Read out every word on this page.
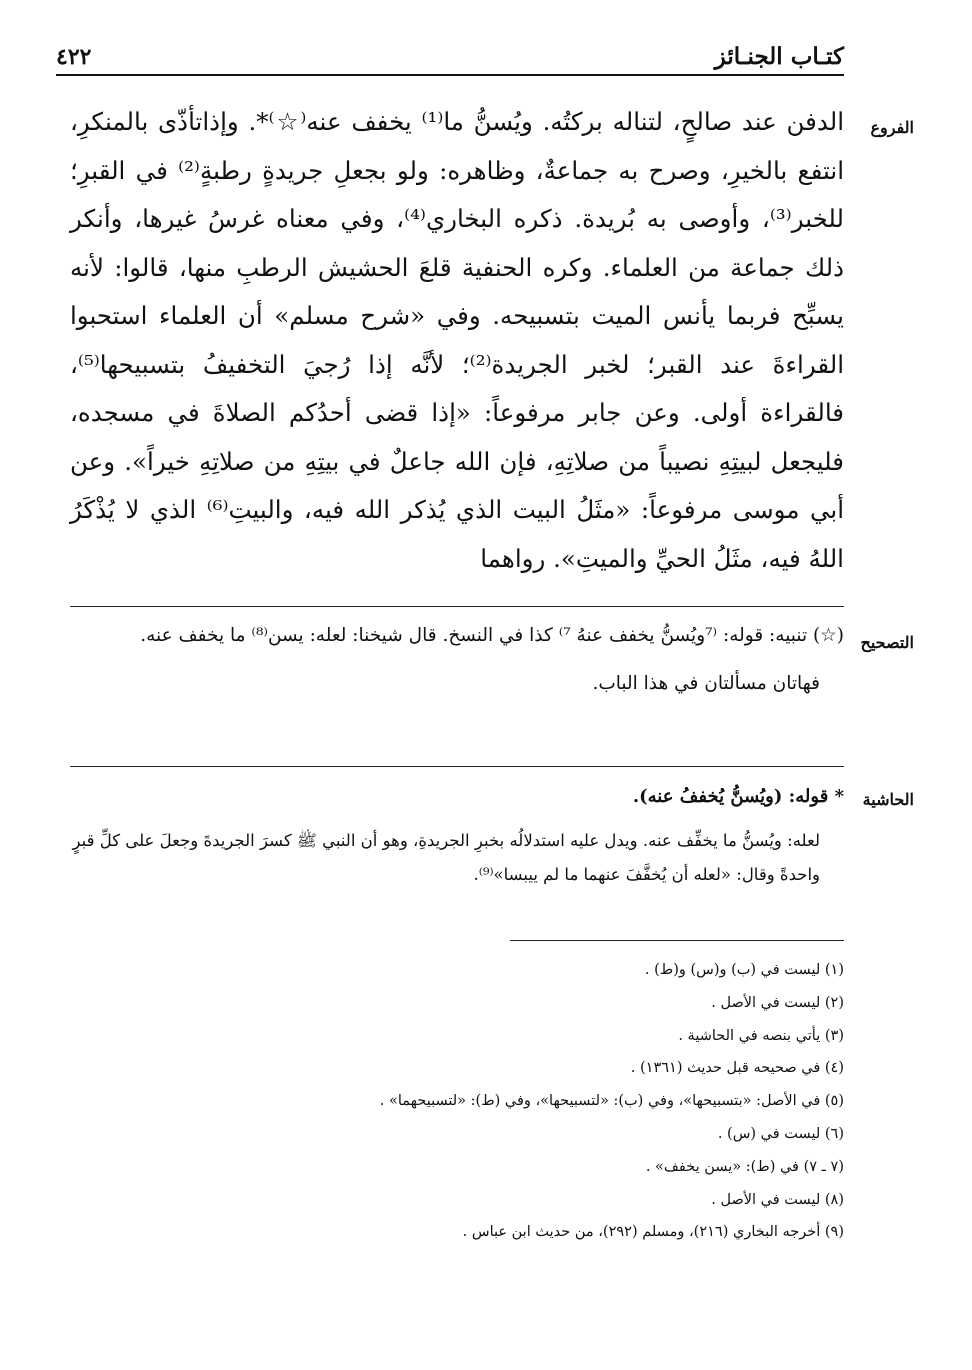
كتـاب الجنـائز
٤٢٢
الفروع

الدفن عند صالحٍ، لتناله بركتُه. ويُسنُّ ما⁽¹⁾ يخفف عنه⁽☆⁾*. وإذاتأذّى بالمنكرِ، انتفع بالخيرِ، وصرح به جماعةٌ، وظاهره: ولو بجعلِ جريدةٍ رطبةٍ⁽²⁾ في القبرِ؛ للخبر⁽³⁾، وأوصى به بُريدة. ذكره البخاري⁽⁴⁾، وفي معناه غرسُ غيرها، وأنكر ذلك جماعة من العلماء. وكره الحنفية قلعَ الحشيش الرطبِ منها، قالوا: لأنه يسبِّح فربما يأنس الميت بتسبيحه. وفي «شرح مسلم» أن العلماء استحبوا القراءةَ عند القبر؛ لخبر الجريدة⁽²⁾؛ لأنَّه إذا رُجيَ التخفيفُ بتسبيحها⁽⁵⁾، فالقراءة أولى. وعن جابر مرفوعاً: «إذا قضى أحدُكم الصلاةَ في مسجده، فليجعل لبيتِهِ نصيباً من صلاتِهِ، فإن الله جاعلٌ في بيتِهِ من صلاتِهِ خيراً». وعن أبي موسى مرفوعاً: «مثَلُ البيت الذي يُذكر الله فيه، والبيتِ⁽⁶⁾ الذي لا يُذْكَرُ اللهُ فيه، مثَلُ الحيِّ والميتِ». رواهما

التصحيح

(☆) تنبيه: قوله: ⁽⁷ويُسنُّ يخفف عنهُ ⁷⁾ كذا في النسخ. قال شيخنا: لعله: يسن⁽⁸⁾ ما يخفف عنه.

فهاتان مسألتان في هذا الباب.

الحاشية

* قوله: (ويُسنُّ يُخففُ عنه).

لعله: ويُسنُّ ما يخفِّف عنه. ويدل عليه استدلالُه بخبرِ الجريدةِ، وهو أن النبي ﷺ كسرَ الجريدةَ وجعلَ على كلِّ قبرٍ واحدةً وقال: «لعله أن يُخفَّفَ عنهما ما لم ييبسا»⁽⁹⁾.

(١) ليست في (ب) و(س) و(ط) .
(٢) ليست في الأصل .
(٣) يأتي بنصه في الحاشية .
(٤) في صحيحه قبل حديث (١٣٦١) .
(٥) في الأصل: «بتسبيحها»، وفي (ب): «لتسبيحها»، وفي (ط): «لتسبيحهما» .
(٦) ليست في (س) .
(٧ ـ ٧) في (ط): «يسن يخفف» .
(٨) ليست في الأصل .
(٩) أخرجه البخاري (٢١٦)، ومسلم (٢٩٢)، من حديث ابن عباس .
